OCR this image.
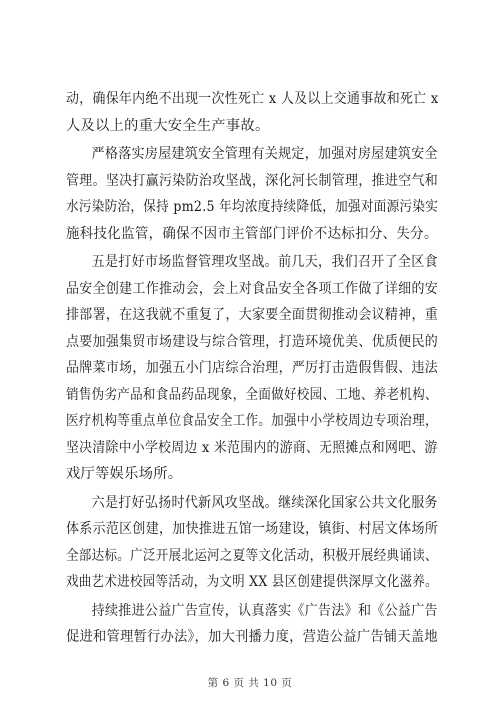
动，确保年内绝不出现一次性死亡 x 人及以上交通事故和死亡 x
人及以上的重大安全生产事故。

严格落实房屋建筑安全管理有关规定，加强对房屋建筑安全
管理。坚决打赢污染防治攻坚战，深化河长制管理，推进空气和
水污染防治，保持 pm2.5 年均浓度持续降低，加强对面源污染实
施科技化监管，确保不因市主管部门评价不达标扣分、失分。

五是打好市场监督管理攻坚战。前几天，我们召开了全区食
品安全创建工作推动会，会上对食品安全各项工作做了详细的安
排部署，在这我就不重复了，大家要全面贯彻推动会议精神，重
点要加强集贸市场建设与综合管理，打造环境优美、优质便民的
品牌菜市场，加强五小门店综合治理，严厉打击造假售假、违法
销售伪劣产品和食品药品现象，全面做好校园、工地、养老机构、
医疗机构等重点单位食品安全工作。加强中小学校周边专项治理，
坚决清除中小学校周边 x 米范围内的游商、无照摊点和网吧、游
戏厅等娱乐场所。

六是打好弘扬时代新风攻坚战。继续深化国家公共文化服务
体系示范区创建，加快推进五馆一场建设，镇街、村居文体场所
全部达标。广泛开展北运河之夏等文化活动，积极开展经典诵读、
戏曲艺术进校园等活动，为文明 XX 县区创建提供深厚文化滋养。

持续推进公益广告宣传，认真落实《广告法》和《公益广告
促进和管理暂行办法》，加大刊播力度，营造公益广告铺天盖地

第 6 页 共 10 页
